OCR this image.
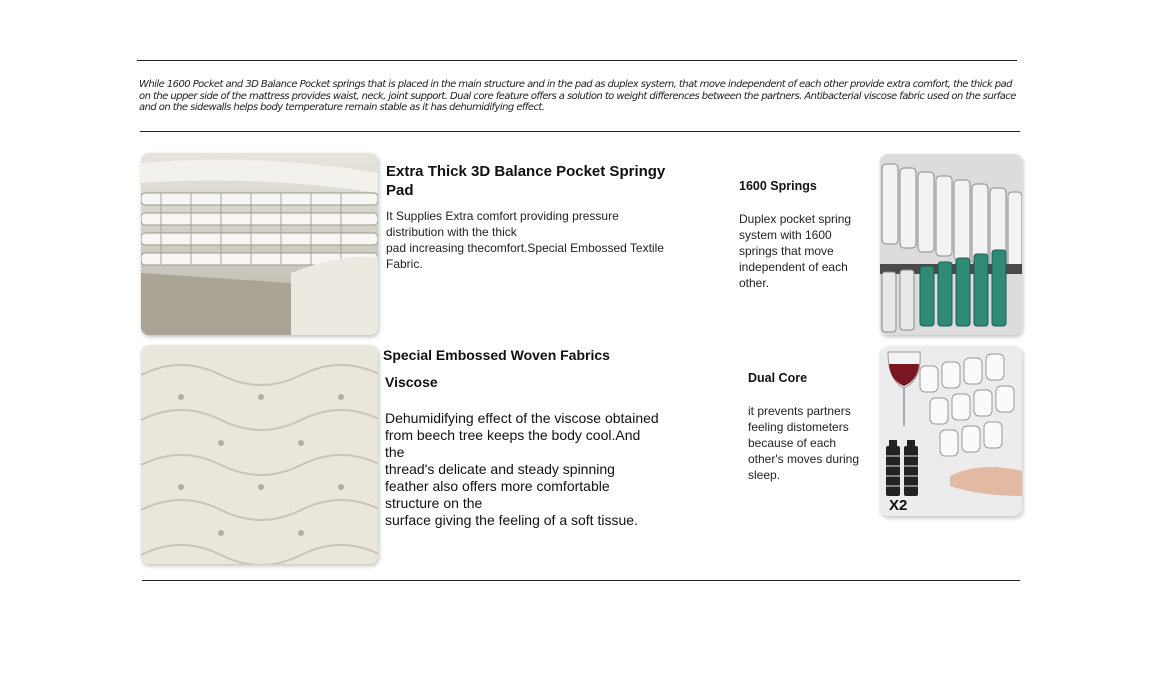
While 1600 Pocket and 3D Balance Pocket springs that is placed in the main structure and in the pad as duplex system, that move independent of each other provide extra comfort, the thick pad on the upper side of the mattress provides waist, neck, joint support. Dual core feature offers a solution to weight differences between the partners. Antibacterial viscose fabric used on the surface and on the sidewalls helps body temperature remain stable as it has dehumidifying effect.

Extra Thick 3D Balance Pocket Springy Pad
It Supplies Extra comfort providing pressure distribution with the thick
pad increasing thecomfort.Special Embossed Textile Fabric.
1600 Springs
Duplex pocket spring system with 1600 springs that move independent of each other.
Special Embossed Woven Fabrics
Viscose
Dehumidifying effect of the viscose obtained from beech tree keeps the body cool.And the
thread's delicate and steady spinning feather also offers more comfortable structure on the
surface giving the feeling of a soft tissue.
Dual Core
it prevents partners feeling distometers because of each other's moves during sleep.
X2
